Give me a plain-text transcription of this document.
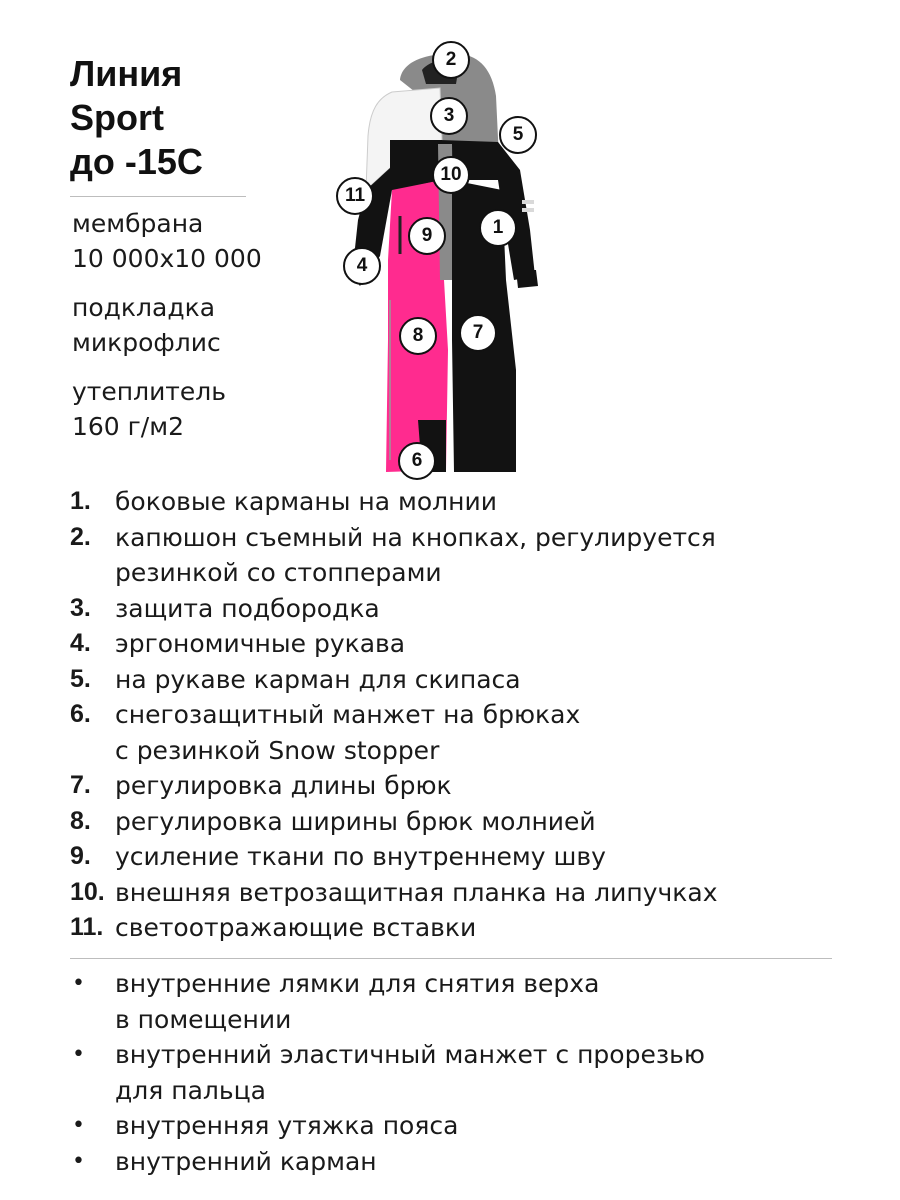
Линия
Sport
до -15С
мембрана
10 000х10 000
подкладка
микрофлис
утеплитель
160 г/м2
2
3
5
10
11
9	1
4
8	7
6
1. боковые карманы на молнии
2. капюшон съемный на кнопках, регулируется
резинкой со стопперами
3. защита подбородка
4. эргономичные рукава
5. на рукаве карман для скипаса
6. снегозащитный манжет на брюках
с резинкой Snow stopper
7. регулировка длины брюк
8. регулировка ширины брюк молнией
9. усиление ткани по внутреннему шву
10. внешняя ветрозащитная планка на липучках
11. светоотражающие вставки
• внутренние лямки для снятия верха
в помещении
• внутренний эластичный манжет с прорезью
для пальца
• внутренняя утяжка пояса
• внутренний карман
